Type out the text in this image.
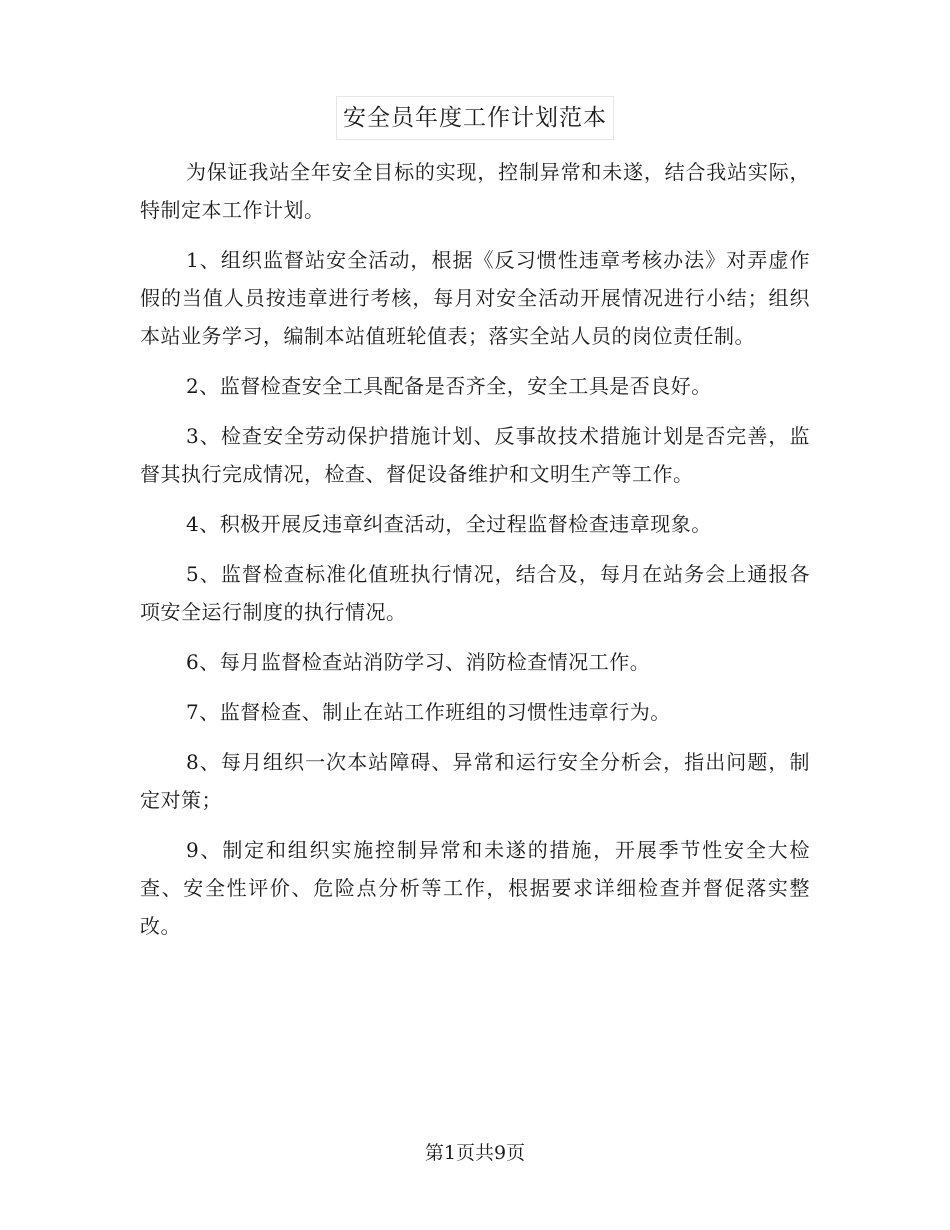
安全员年度工作计划范本

为保证我站全年安全目标的实现，控制异常和未遂，结合我站实际，特制定本工作计划。

1、组织监督站安全活动，根据《反习惯性违章考核办法》对弄虚作假的当值人员按违章进行考核，每月对安全活动开展情况进行小结；组织本站业务学习，编制本站值班轮值表；落实全站人员的岗位责任制。

2、监督检查安全工具配备是否齐全，安全工具是否良好。

3、检查安全劳动保护措施计划、反事故技术措施计划是否完善，监督其执行完成情况，检查、督促设备维护和文明生产等工作。

4、积极开展反违章纠查活动，全过程监督检查违章现象。

5、监督检查标准化值班执行情况，结合及，每月在站务会上通报各项安全运行制度的执行情况。

6、每月监督检查站消防学习、消防检查情况工作。

7、监督检查、制止在站工作班组的习惯性违章行为。

8、每月组织一次本站障碍、异常和运行安全分析会，指出问题，制定对策；

9、制定和组织实施控制异常和未遂的措施，开展季节性安全大检查、安全性评价、危险点分析等工作，根据要求详细检查并督促落实整改。

第1页共9页
